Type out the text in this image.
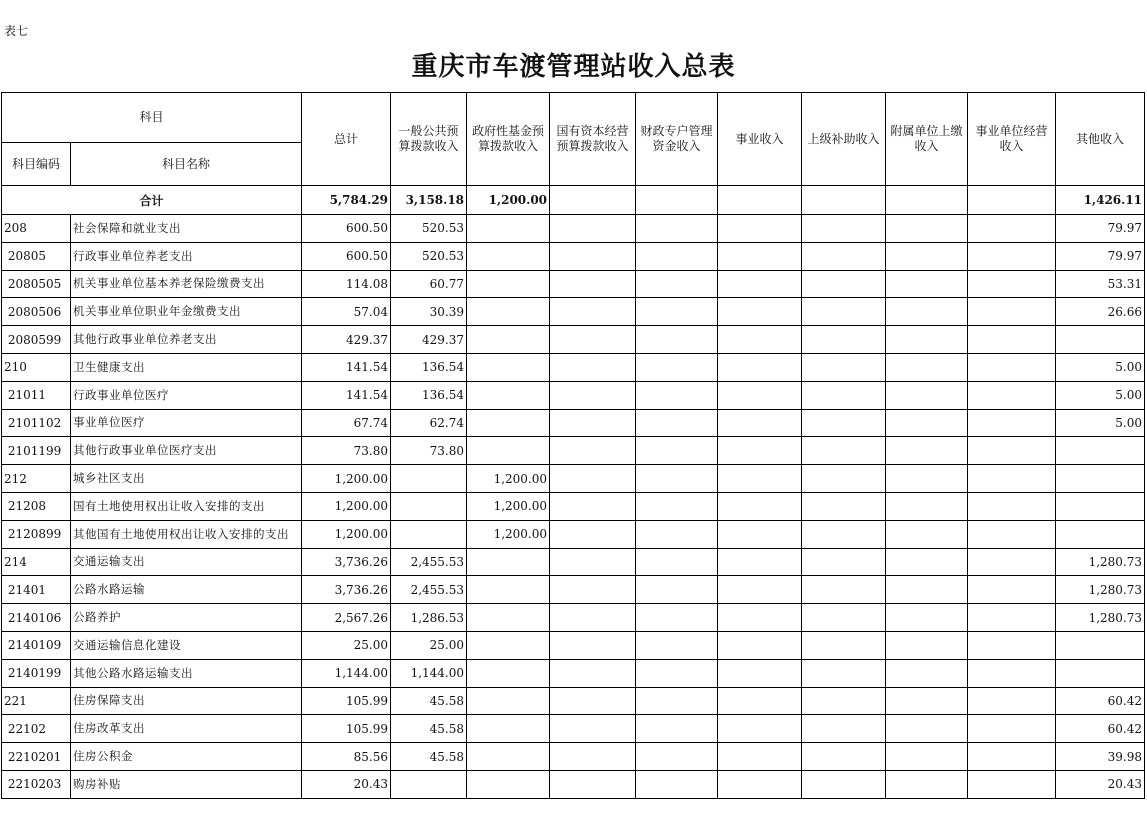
表七
重庆市车渡管理站收入总表
科目		总计	一般公共预算拨款收入	政府性基金预算拨款收入	国有资本经营预算拨款收入	财政专户管理资金收入	事业收入	上级补助收入	附属单位上缴收入	事业单位经营收入	其他收入
科目编码	科目名称										
合计		5,784.29	3,158.18	1,200.00							1,426.11
208	社会保障和就业支出	600.50	520.53								79.97
20805	行政事业单位养老支出	600.50	520.53								79.97
2080505	机关事业单位基本养老保险缴费支出	114.08	60.77								53.31
2080506	机关事业单位职业年金缴费支出	57.04	30.39								26.66
2080599	其他行政事业单位养老支出	429.37	429.37								
210	卫生健康支出	141.54	136.54								5.00
21011	行政事业单位医疗	141.54	136.54								5.00
2101102	事业单位医疗	67.74	62.74								5.00
2101199	其他行政事业单位医疗支出	73.80	73.80								
212	城乡社区支出	1,200.00		1,200.00							
21208	国有土地使用权出让收入安排的支出	1,200.00		1,200.00							
2120899	其他国有土地使用权出让收入安排的支出	1,200.00		1,200.00							
214	交通运输支出	3,736.26	2,455.53								1,280.73
21401	公路水路运输	3,736.26	2,455.53								1,280.73
2140106	公路养护	2,567.26	1,286.53								1,280.73
2140109	交通运输信息化建设	25.00	25.00								
2140199	其他公路水路运输支出	1,144.00	1,144.00								
221	住房保障支出	105.99	45.58								60.42
22102	住房改革支出	105.99	45.58								60.42
2210201	住房公积金	85.56	45.58								39.98
2210203	购房补贴	20.43									20.43
